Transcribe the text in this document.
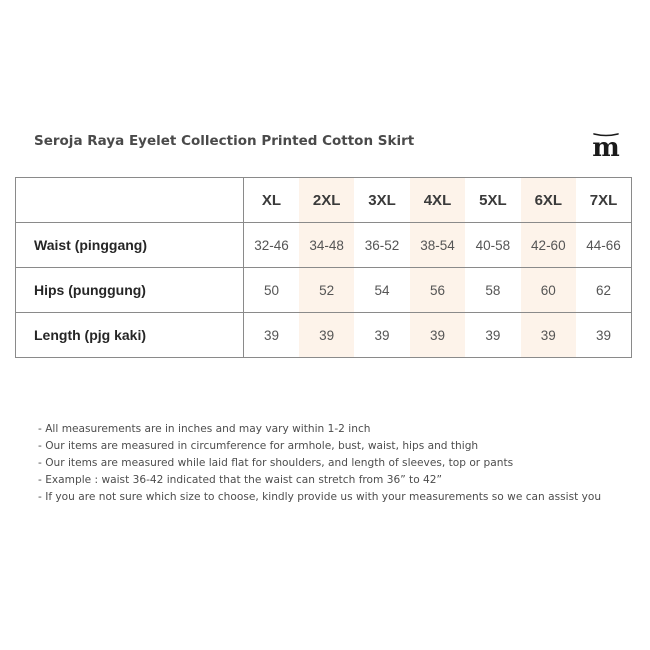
Seroja Raya Eyelet Collection Printed Cotton Skirt	m
	XL	2XL	3XL	4XL	5XL	6XL	7XL
Waist (pinggang)	32-46	34-48	36-52	38-54	40-58	42-60	44-66
Hips (punggung)	50	52	54	56	58	60	62
Length (pjg kaki)	39	39	39	39	39	39	39
- All measurements are in inches and may vary within 1-2 inch
- Our items are measured in circumference for armhole, bust, waist, hips and thigh
- Our items are measured while laid flat for shoulders, and length of sleeves, top or pants
- Example : waist 36-42 indicated that the waist can stretch from 36” to 42”
- If you are not sure which size to choose, kindly provide us with your measurements so we can assist you
